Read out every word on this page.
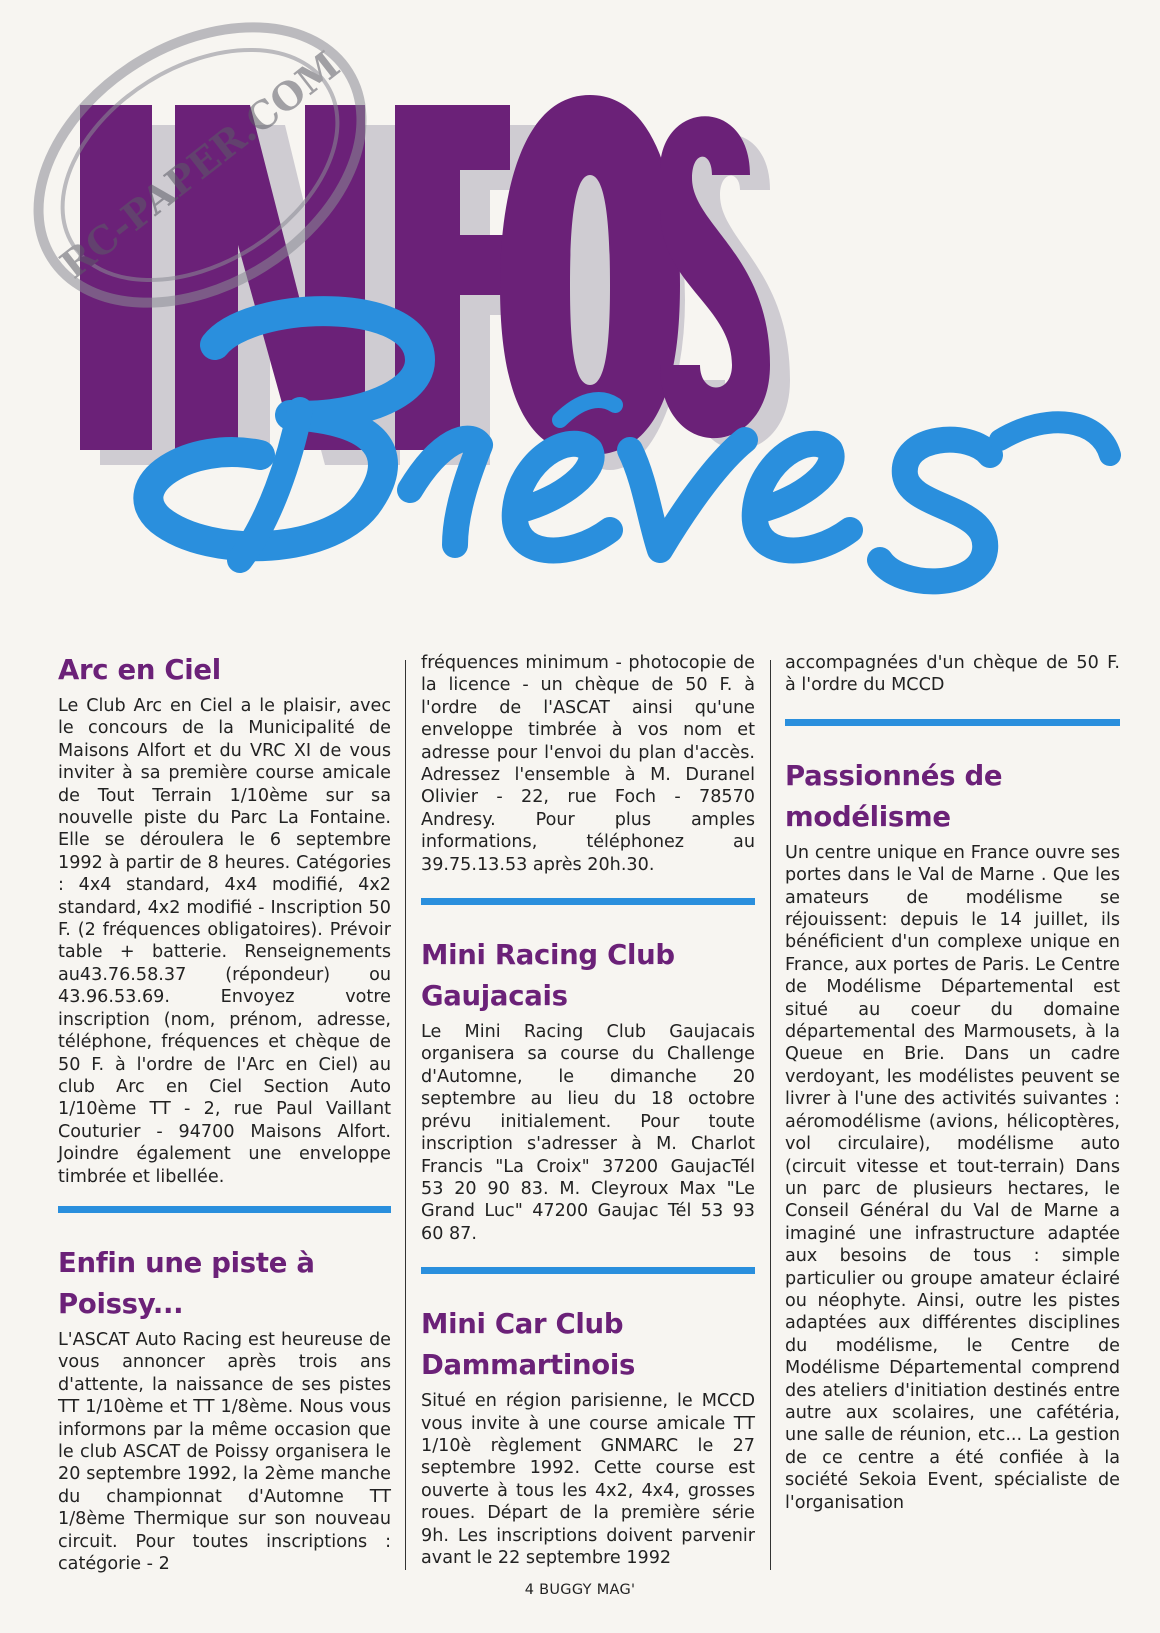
RC-PAPER.COM
Arc en Ciel

Le Club Arc en Ciel a le plaisir, avec le concours de la Municipalité de Maisons Alfort et du VRC XI de vous inviter à sa première course amicale de Tout Terrain 1/10ème sur sa nouvelle piste du Parc La Fontaine. Elle se déroulera le 6 septembre 1992 à partir de 8 heures. Catégories : 4x4 standard, 4x4 modifié, 4x2 standard, 4x2 modifié - Inscription 50 F. (2 fréquences obligatoires). Prévoir table + batterie. Renseignements au43.76.58.37 (répondeur) ou 43.96.53.69. Envoyez votre inscription (nom, prénom, adresse, téléphone, fréquences et chèque de 50 F. à l'ordre de l'Arc en Ciel) au club Arc en Ciel Section Auto 1/10ème TT - 2, rue Paul Vaillant Couturier - 94700 Maisons Alfort. Joindre également une enveloppe timbrée et libellée.

Enfin une piste à Poissy...

L'ASCAT Auto Racing est heureuse de vous annoncer après trois ans d'attente, la naissance de ses pistes TT 1/10ème et TT 1/8ème. Nous vous informons par la même occasion que le club ASCAT de Poissy organisera le 20 septembre 1992, la 2ème manche du championnat d'Automne TT 1/8ème Thermique sur son nouveau circuit. Pour toutes inscriptions : catégorie - 2

fréquences minimum - photocopie de la licence - un chèque de 50 F. à l'ordre de l'ASCAT ainsi qu'une enveloppe timbrée à vos nom et adresse pour l'envoi du plan d'accès. Adressez l'ensemble à M. Duranel Olivier - 22, rue Foch - 78570 Andresy. Pour plus amples informations, téléphonez au 39.75.13.53 après 20h.30.

Mini Racing Club Gaujacais

Le Mini Racing Club Gaujacais organisera sa course du Challenge d'Automne, le dimanche 20 septembre au lieu du 18 octobre prévu initialement. Pour toute inscription s'adresser à M. Charlot Francis "La Croix" 37200 GaujacTél 53 20 90 83. M. Cleyroux Max "Le Grand Luc" 47200 Gaujac Tél 53 93 60 87.

Mini Car Club Dammartinois

Situé en région parisienne, le MCCD vous invite à une course amicale TT 1/10è règlement GNMARC le 27 septembre 1992. Cette course est ouverte à tous les 4x2, 4x4, grosses roues. Départ de la première série 9h. Les inscriptions doivent parvenir avant le 22 septembre 1992

accompagnées d'un chèque de 50 F. à l'ordre du MCCD

Passionnés de modélisme

Un centre unique en France ouvre ses portes dans le Val de Marne . Que les amateurs de modélisme se réjouissent: depuis le 14 juillet, ils bénéficient d'un complexe unique en France, aux portes de Paris. Le Centre de Modélisme Départemental est situé au coeur du domaine départemental des Marmousets, à la Queue en Brie. Dans un cadre verdoyant, les modélistes peuvent se livrer à l'une des activités suivantes : aéromodélisme (avions, hélicoptères, vol circulaire), modélisme auto (circuit vitesse et tout-terrain) Dans un parc de plusieurs hectares, le Conseil Général du Val de Marne a imaginé une infrastructure adaptée aux besoins de tous : simple particulier ou groupe amateur éclairé ou néophyte. Ainsi, outre les pistes adaptées aux différentes disciplines du modélisme, le Centre de Modélisme Départemental comprend des ateliers d'initiation destinés entre autre aux scolaires, une cafétéria, une salle de réunion, etc... La gestion de ce centre a été confiée à la société Sekoia Event, spécialiste de l'organisation

4 BUGGY MAG'
